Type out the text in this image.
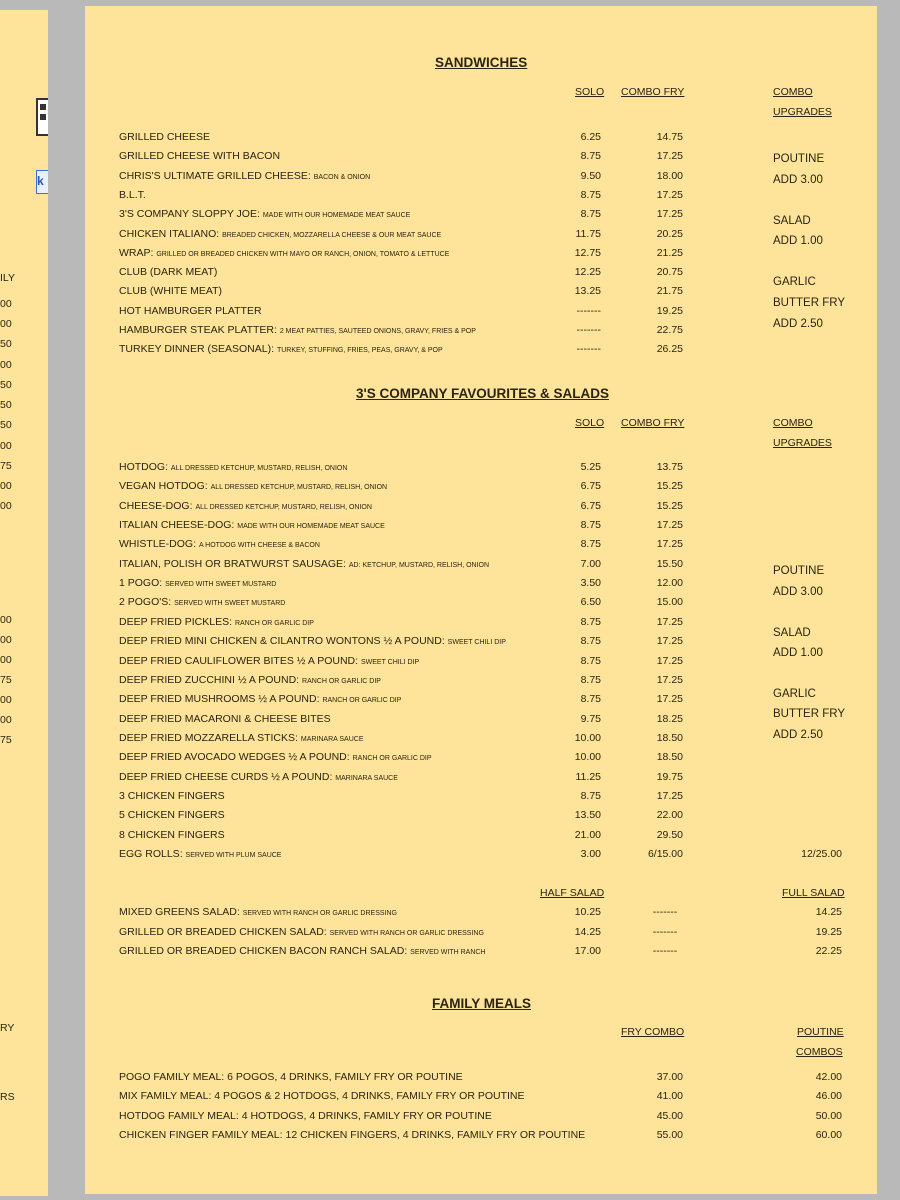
k
ILY
00
00
50
00
50
50
50
00
75
00
00
00
00
00
75
00
00
75
RY
RS
SANDWICHES
SOLO COMBO FRY	COMBO
UPGRADES
POUTINE
ADD 3.00
SALAD
ADD 1.00
GARLIC
BUTTER FRY
ADD 2.50
GRILLED CHEESE	6.25	14.75
GRILLED CHEESE WITH BACON	8.75	17.25
CHRIS'S ULTIMATE GRILLED CHEESE: BACON & ONION	9.50	18.00
B.L.T.	8.75	17.25
3'S COMPANY SLOPPY JOE: MADE WITH OUR HOMEMADE MEAT SAUCE	8.75	17.25
CHICKEN ITALIANO: BREADED CHICKEN, MOZZARELLA CHEESE & OUR MEAT SAUCE	11.75	20.25
WRAP: GRILLED OR BREADED CHICKEN WITH MAYO OR RANCH, ONION, TOMATO & LETTUCE	12.75	21.25
CLUB (DARK MEAT)	12.25	20.75
CLUB (WHITE MEAT)	13.25	21.75
HOT HAMBURGER PLATTER	-------	19.25
HAMBURGER STEAK PLATTER: 2 MEAT PATTIES, SAUTEED ONIONS, GRAVY, FRIES & POP	-------	22.75
TURKEY DINNER (SEASONAL): TURKEY, STUFFING, FRIES, PEAS, GRAVY, & POP	-------	26.25
3'S COMPANY FAVOURITES & SALADS
SOLO COMBO FRY	COMBO
UPGRADES
POUTINE
ADD 3.00
SALAD
ADD 1.00
GARLIC
BUTTER FRY
ADD 2.50
HOTDOG: ALL DRESSED KETCHUP, MUSTARD, RELISH, ONION	5.25	13.75
VEGAN HOTDOG: ALL DRESSED KETCHUP, MUSTARD, RELISH, ONION	6.75	15.25
CHEESE-DOG: ALL DRESSED KETCHUP, MUSTARD, RELISH, ONION	6.75	15.25
ITALIAN CHEESE-DOG: MADE WITH OUR HOMEMADE MEAT SAUCE	8.75	17.25
WHISTLE-DOG: A HOTDOG WITH CHEESE & BACON	8.75	17.25
ITALIAN, POLISH OR BRATWURST SAUSAGE: AD: KETCHUP, MUSTARD, RELISH, ONION	7.00	15.50
1 POGO: SERVED WITH SWEET MUSTARD	3.50	12.00
2 POGO'S: SERVED WITH SWEET MUSTARD	6.50	15.00
DEEP FRIED PICKLES: RANCH OR GARLIC DIP	8.75	17.25
DEEP FRIED MINI CHICKEN & CILANTRO WONTONS ½ A POUND: SWEET CHILI DIP	8.75	17.25
DEEP FRIED CAULIFLOWER BITES ½ A POUND: SWEET CHILI DIP	8.75	17.25
DEEP FRIED ZUCCHINI ½ A POUND: RANCH OR GARLIC DIP	8.75	17.25
DEEP FRIED MUSHROOMS ½ A POUND: RANCH OR GARLIC DIP	8.75	17.25
DEEP FRIED MACARONI & CHEESE BITES	9.75	18.25
DEEP FRIED MOZZARELLA STICKS: MARINARA SAUCE	10.00	18.50
DEEP FRIED AVOCADO WEDGES ½ A POUND: RANCH OR GARLIC DIP	10.00	18.50
DEEP FRIED CHEESE CURDS ½ A POUND: MARINARA SAUCE	11.25	19.75
3 CHICKEN FINGERS	8.75	17.25
5 CHICKEN FINGERS	13.50	22.00
8 CHICKEN FINGERS	21.00	29.50
EGG ROLLS: SERVED WITH PLUM SAUCE	3.00	6/15.00	12/25.00
HALF SALAD	FULL SALAD
MIXED GREENS SALAD: SERVED WITH RANCH OR GARLIC DRESSING	10.25	-------	14.25
GRILLED OR BREADED CHICKEN SALAD: SERVED WITH RANCH OR GARLIC DRESSING	14.25	-------	19.25
GRILLED OR BREADED CHICKEN BACON RANCH SALAD: SERVED WITH RANCH	17.00	-------	22.25
FAMILY MEALS
FRY COMBO	POUTINE
COMBOS
POGO FAMILY MEAL: 6 POGOS, 4 DRINKS, FAMILY FRY OR POUTINE	37.00	42.00
MIX FAMILY MEAL: 4 POGOS & 2 HOTDOGS, 4 DRINKS, FAMILY FRY OR POUTINE	41.00	46.00
HOTDOG FAMILY MEAL: 4 HOTDOGS, 4 DRINKS, FAMILY FRY OR POUTINE	45.00	50.00
CHICKEN FINGER FAMILY MEAL: 12 CHICKEN FINGERS, 4 DRINKS, FAMILY FRY OR POUTINE	55.00	60.00
